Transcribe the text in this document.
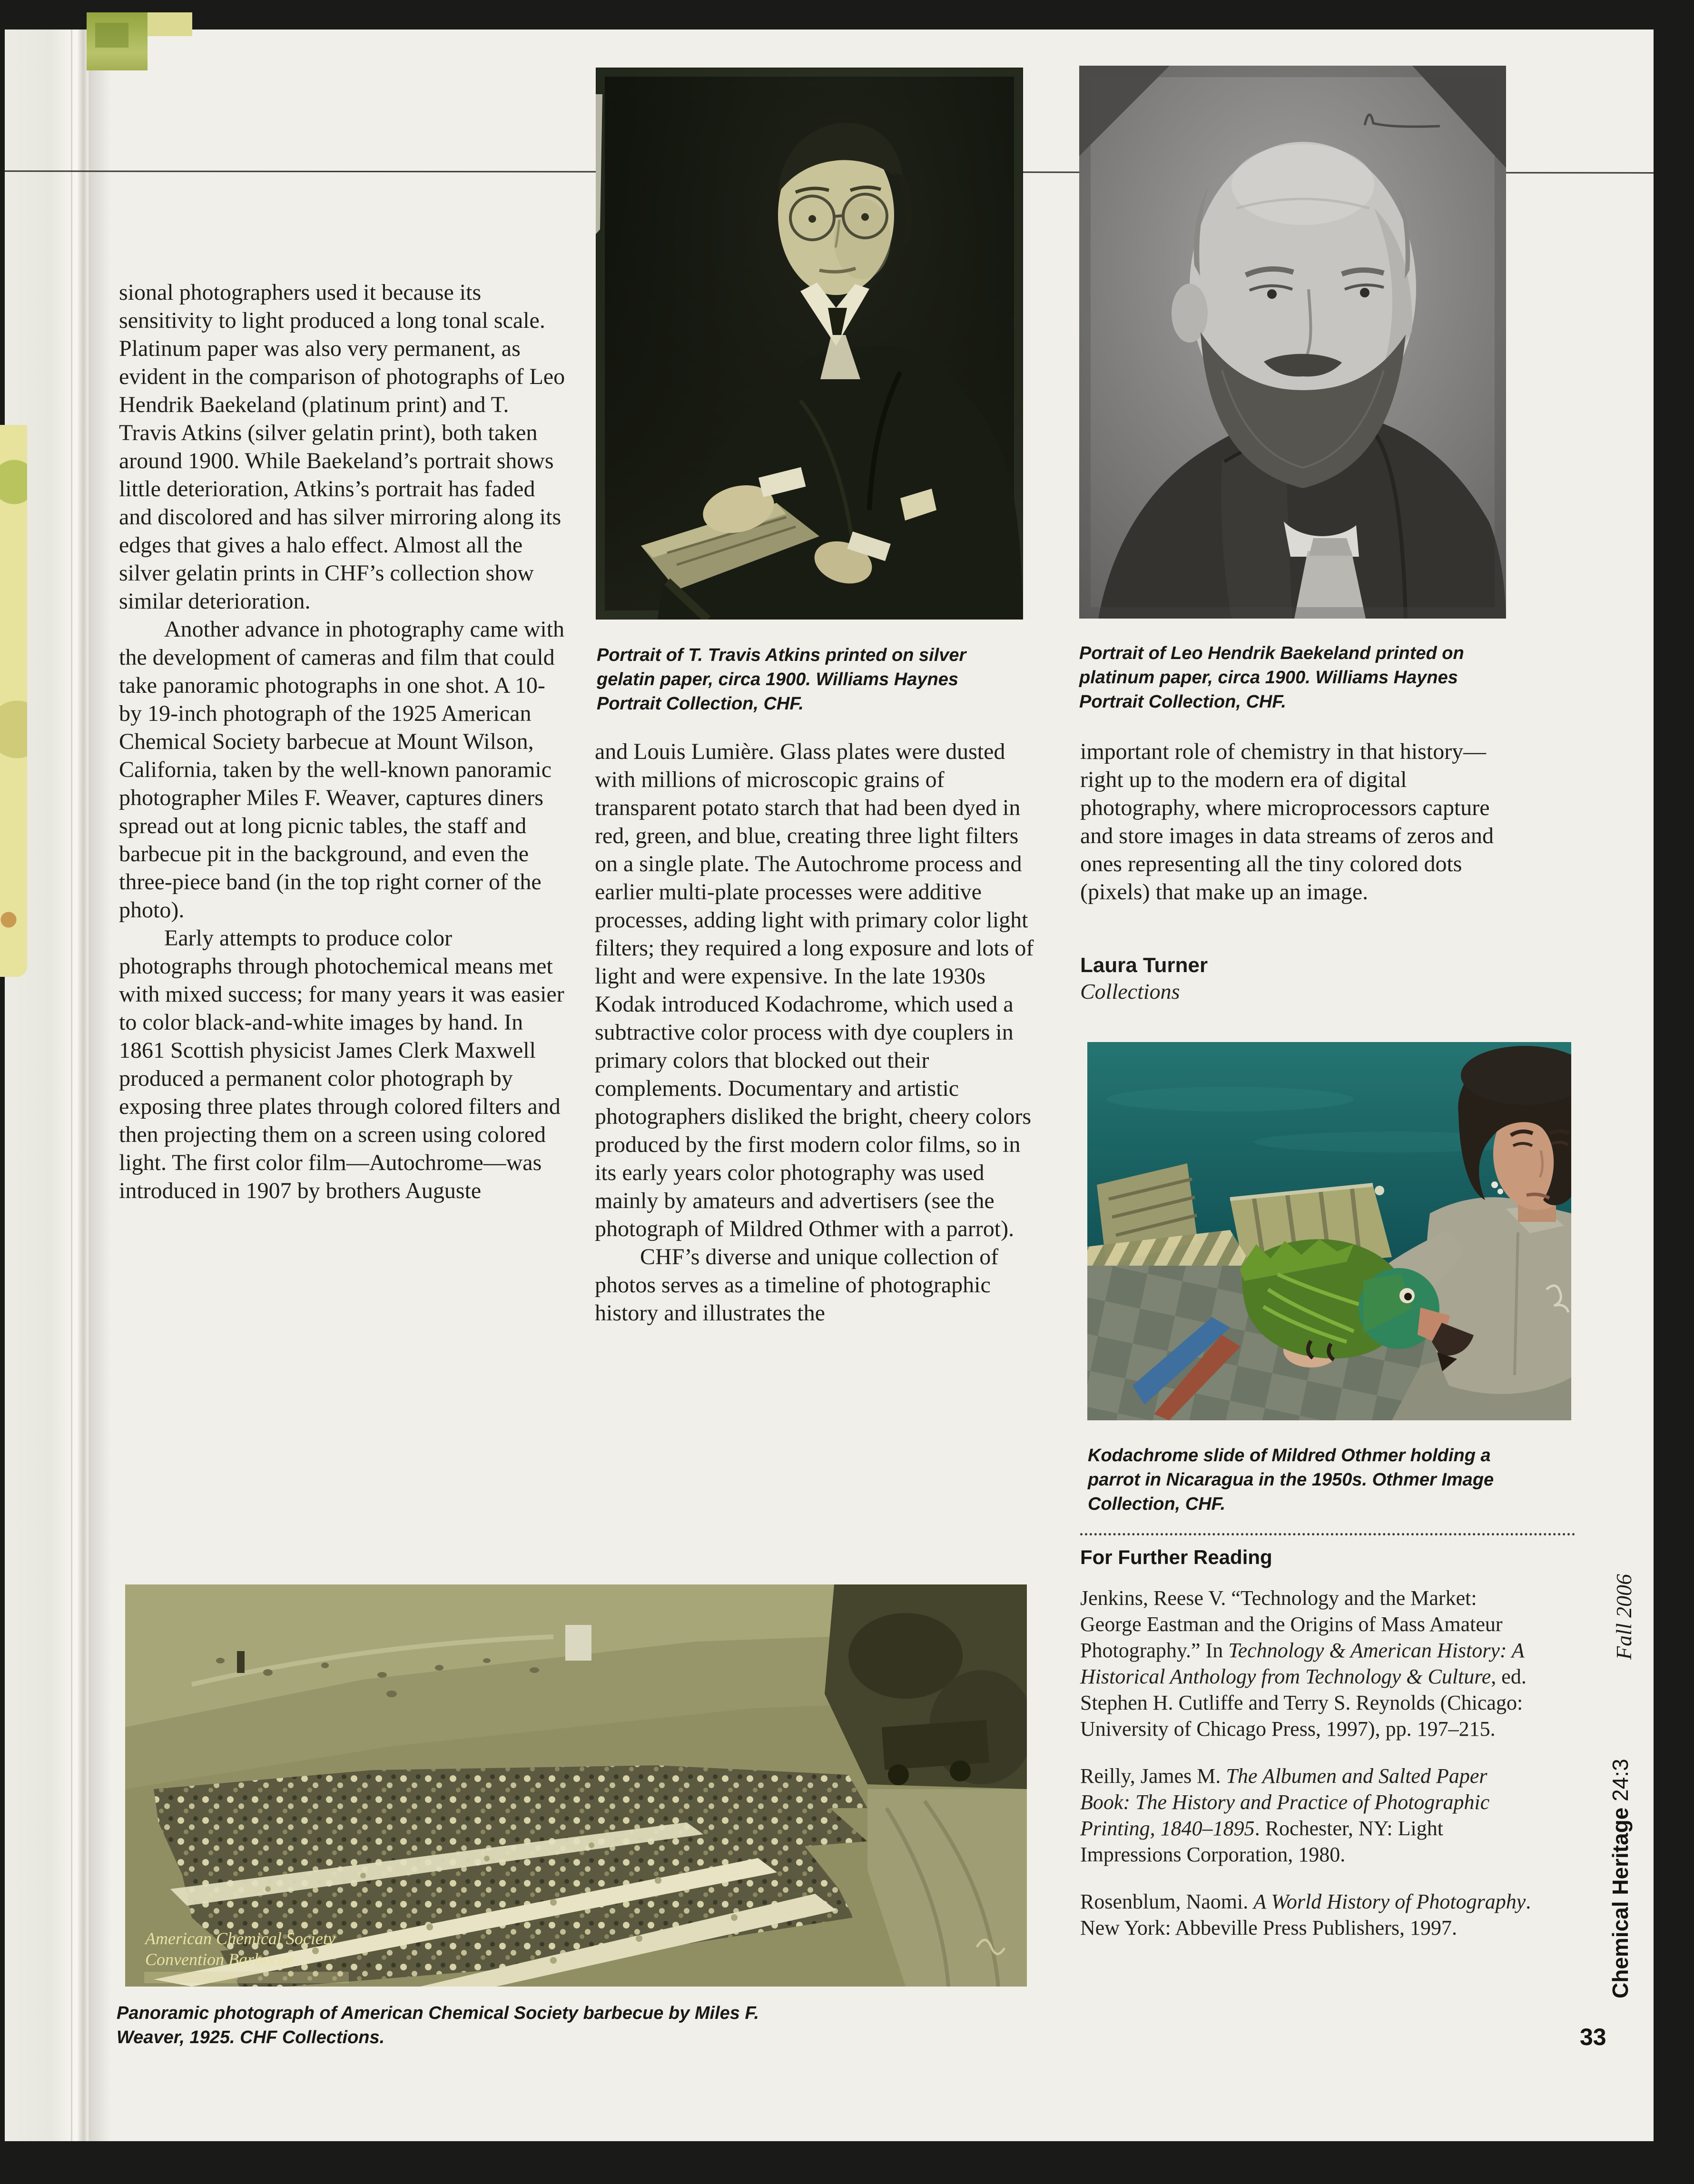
American Chemical Society
Convention Barbecue
Portrait of T. Travis Atkins printed on silver gelatin paper, circa 1900. Williams Haynes Portrait Collection, CHF.
Portrait of Leo Hendrik Baekeland printed on platinum paper, circa 1900. Williams Haynes Portrait Collection, CHF.
Kodachrome slide of Mildred Othmer holding a parrot in Nicaragua in the 1950s. Othmer Image Collection, CHF.
Panoramic photograph of American Chemical Society barbecue by Miles F. Weaver, 1925. CHF Collections.

sional photographers used it because its sensitivity to light produced a long tonal scale. Platinum paper was also very permanent, as evident in the comparison of photographs of Leo Hendrik Baekeland (platinum print) and T. Travis Atkins (silver gelatin print), both taken around 1900. While Baekeland’s portrait shows little deterioration, Atkins’s portrait has faded and discolored and has silver mirroring along its edges that gives a halo effect. Almost all the silver gelatin prints in CHF’s collection show similar deterioration.

Another advance in photography came with the development of cameras and film that could take panoramic photographs in one shot. A 10- by 19-inch photograph of the 1925 American Chemical Society barbecue at Mount Wilson, California, taken by the well-known panoramic photographer Miles F. Weaver, captures diners spread out at long picnic tables, the staff and barbecue pit in the background, and even the three-piece band (in the top right corner of the photo).

Early attempts to produce color photographs through photochemical means met with mixed success; for many years it was easier to color black-and-white images by hand. In 1861 Scottish physicist James Clerk Maxwell produced a permanent color photograph by exposing three plates through colored filters and then projecting them on a screen using colored light. The first color film—Autochrome—was introduced in 1907 by brothers Auguste

and Louis Lumière. Glass plates were dusted with millions of microscopic grains of transparent potato starch that had been dyed in red, green, and blue, creating three light filters on a single plate. The Autochrome process and earlier multi-plate processes were additive processes, adding light with primary color light filters; they required a long exposure and lots of light and were expensive. In the late 1930s Kodak introduced Kodachrome, which used a subtractive color process with dye couplers in primary colors that blocked out their complements. Documentary and artistic photographers disliked the bright, cheery colors produced by the first modern color films, so in its early years color photography was used mainly by amateurs and advertisers (see the photograph of Mildred Othmer with a parrot).

CHF’s diverse and unique collection of photos serves as a timeline of photographic history and illustrates the

important role of chemistry in that history—right up to the modern era of digital photography, where microprocessors capture and store images in data streams of zeros and ones representing all the tiny colored dots (pixels) that make up an image.

Laura Turner
Collections
For Further Reading

Jenkins, Reese V. “Technology and the Market: George Eastman and the Origins of Mass Amateur Photography.” In Technology & American History: A Historical Anthology from Technology & Culture, ed. Stephen H. Cutliffe and Terry S. Reynolds (Chicago: University of Chicago Press, 1997), pp. 197–215.

Reilly, James M. The Albumen and Salted Paper Book: The History and Practice of Photographic Printing, 1840–1895. Rochester, NY: Light Impressions Corporation, 1980.

Rosenblum, Naomi. A World History of Photography. New York: Abbeville Press Publishers, 1997.

Fall 2006
Chemical Heritage 24:3
33
